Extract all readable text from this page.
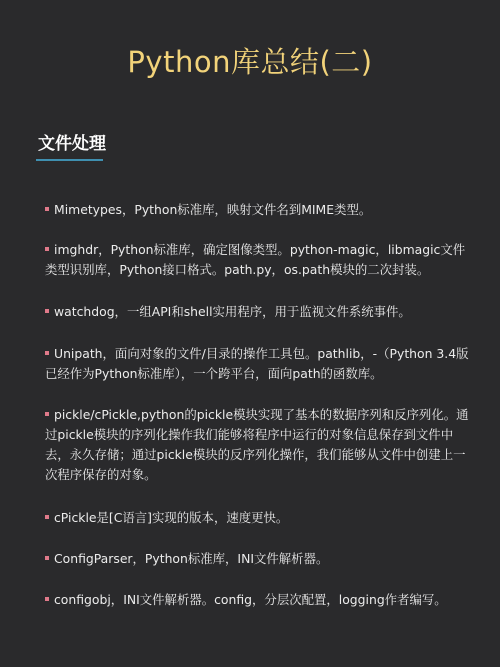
Python库总结(二)
文件处理
Mimetypes，Python标准库，映射文件名到MIME类型。
imghdr，Python标准库，确定图像类型。python-magic，libmagic文件类型识别库，Python接口格式。path.py，os.path模块的二次封装。
watchdog，一组API和shell实用程序，用于监视文件系统事件。
Unipath，面向对象的文件/目录的操作工具包。pathlib，-（Python 3.4版已经作为Python标准库），一个跨平台，面向path的函数库。
pickle/cPickle,python的pickle模块实现了基本的数据序列和反序列化。通过pickle模块的序列化操作我们能够将程序中运行的对象信息保存到文件中去，永久存储；通过pickle模块的反序列化操作，我们能够从文件中创建上一次程序保存的对象。
cPickle是[C语言]实现的版本，速度更快。
ConfigParser，Python标准库，INI文件解析器。
configobj，INI文件解析器。config，分层次配置，logging作者编写。
